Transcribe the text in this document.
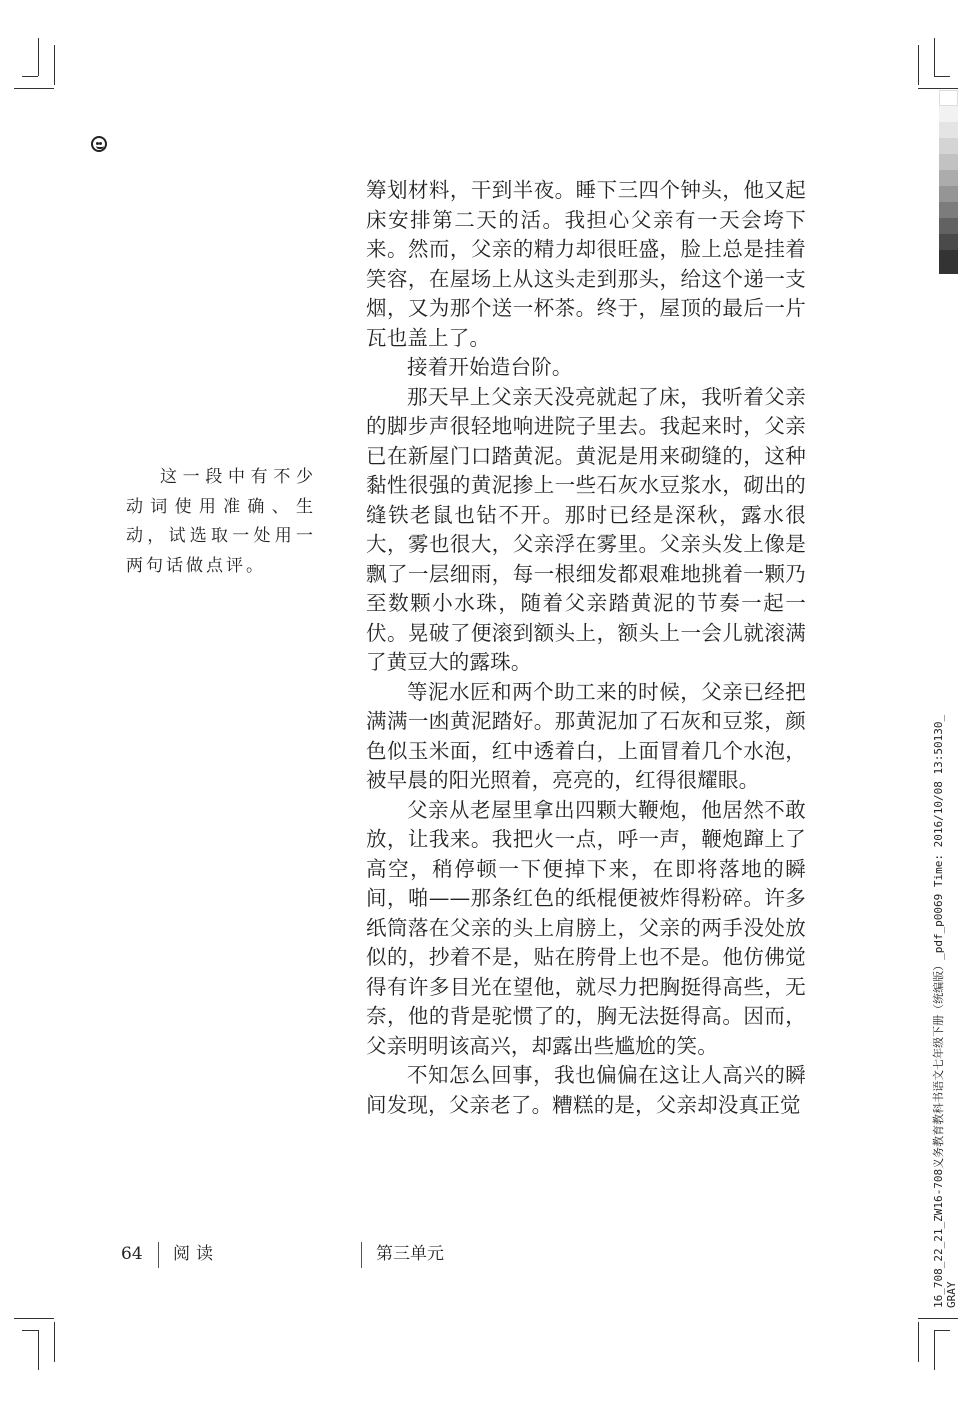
筹划材料，干到半夜。睡下三四个钟头，他又起床安排第二天的活。我担心父亲有一天会垮下来。然而，父亲的精力却很旺盛，脸上总是挂着笑容，在屋场上从这头走到那头，给这个递一支烟，又为那个送一杯茶。终于，屋顶的最后一片瓦也盖上了。

接着开始造台阶。

那天早上父亲天没亮就起了床，我听着父亲的脚步声很轻地响进院子里去。我起来时，父亲已在新屋门口踏黄泥。黄泥是用来砌缝的，这种黏性很强的黄泥掺上一些石灰水豆浆水，砌出的缝铁老鼠也钻不开。那时已经是深秋，露水很大，雾也很大，父亲浮在雾里。父亲头发上像是飘了一层细雨，每一根细发都艰难地挑着一颗乃至数颗小水珠，随着父亲踏黄泥的节奏一起一伏。晃破了便滚到额头上，额头上一会儿就滚满了黄豆大的露珠。

等泥水匠和两个助工来的时候，父亲已经把满满一凼黄泥踏好。那黄泥加了石灰和豆浆，颜色似玉米面，红中透着白，上面冒着几个水泡，被早晨的阳光照着，亮亮的，红得很耀眼。

父亲从老屋里拿出四颗大鞭炮，他居然不敢放，让我来。我把火一点，呼一声，鞭炮蹿上了高空，稍停顿一下便掉下来，在即将落地的瞬间，啪——那条红色的纸棍便被炸得粉碎。许多纸筒落在父亲的头上肩膀上，父亲的两手没处放似的，抄着不是，贴在胯骨上也不是。他仿佛觉得有许多目光在望他，就尽力把胸挺得高些，无奈，他的背是驼惯了的，胸无法挺得高。因而，父亲明明该高兴，却露出些尴尬的笑。

不知怎么回事，我也偏偏在这让人高兴的瞬间发现，父亲老了。糟糕的是，父亲却没真正觉

这一段中有不少动词使用准确、生动，试选取一处用一两句话做点评。

64 阅读	第三单元	16_708_22_21_ZW16-708义务教育教科书语文七年级下册（统编版）_pdf_p0069 Time: 2016/10/08 13:50130_ GRAY
